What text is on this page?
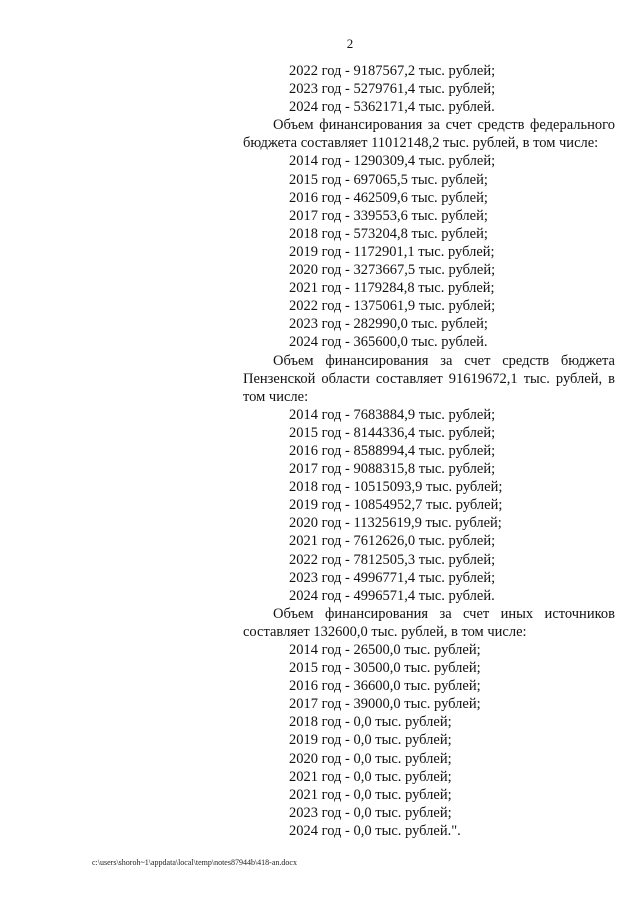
2
2022 год - 9187567,2 тыс. рублей;
2023 год - 5279761,4 тыс. рублей;
2024 год - 5362171,4 тыс. рублей.
Объем финансирования за счет средств федерального бюджета составляет 11012148,2 тыс. рублей, в том числе:
2014 год - 1290309,4 тыс. рублей;
2015 год - 697065,5 тыс. рублей;
2016 год - 462509,6 тыс. рублей;
2017 год - 339553,6 тыс. рублей;
2018 год - 573204,8 тыс. рублей;
2019 год - 1172901,1 тыс. рублей;
2020 год - 3273667,5 тыс. рублей;
2021 год - 1179284,8 тыс. рублей;
2022 год - 1375061,9 тыс. рублей;
2023 год - 282990,0 тыс. рублей;
2024 год - 365600,0 тыс. рублей.
Объем финансирования за счет средств бюджета Пензенской области составляет 91619672,1 тыс. рублей, в том числе:
2014 год - 7683884,9 тыс. рублей;
2015 год - 8144336,4 тыс. рублей;
2016 год - 8588994,4 тыс. рублей;
2017 год - 9088315,8 тыс. рублей;
2018 год - 10515093,9 тыс. рублей;
2019 год - 10854952,7 тыс. рублей;
2020 год - 11325619,9 тыс. рублей;
2021 год - 7612626,0 тыс. рублей;
2022 год - 7812505,3 тыс. рублей;
2023 год - 4996771,4 тыс. рублей;
2024 год - 4996571,4 тыс. рублей.
Объем финансирования за счет иных источников составляет 132600,0 тыс. рублей, в том числе:
2014 год - 26500,0 тыс. рублей;
2015 год - 30500,0 тыс. рублей;
2016 год - 36600,0 тыс. рублей;
2017 год - 39000,0 тыс. рублей;
2018 год - 0,0 тыс. рублей;
2019 год - 0,0 тыс. рублей;
2020 год - 0,0 тыс. рублей;
2021 год - 0,0 тыс. рублей;
2021 год - 0,0 тыс. рублей;
2023 год - 0,0 тыс. рублей;
2024 год - 0,0 тыс. рублей.".
c:\users\shoroh~1\appdata\local\temp\notes87944b\418-an.docx
